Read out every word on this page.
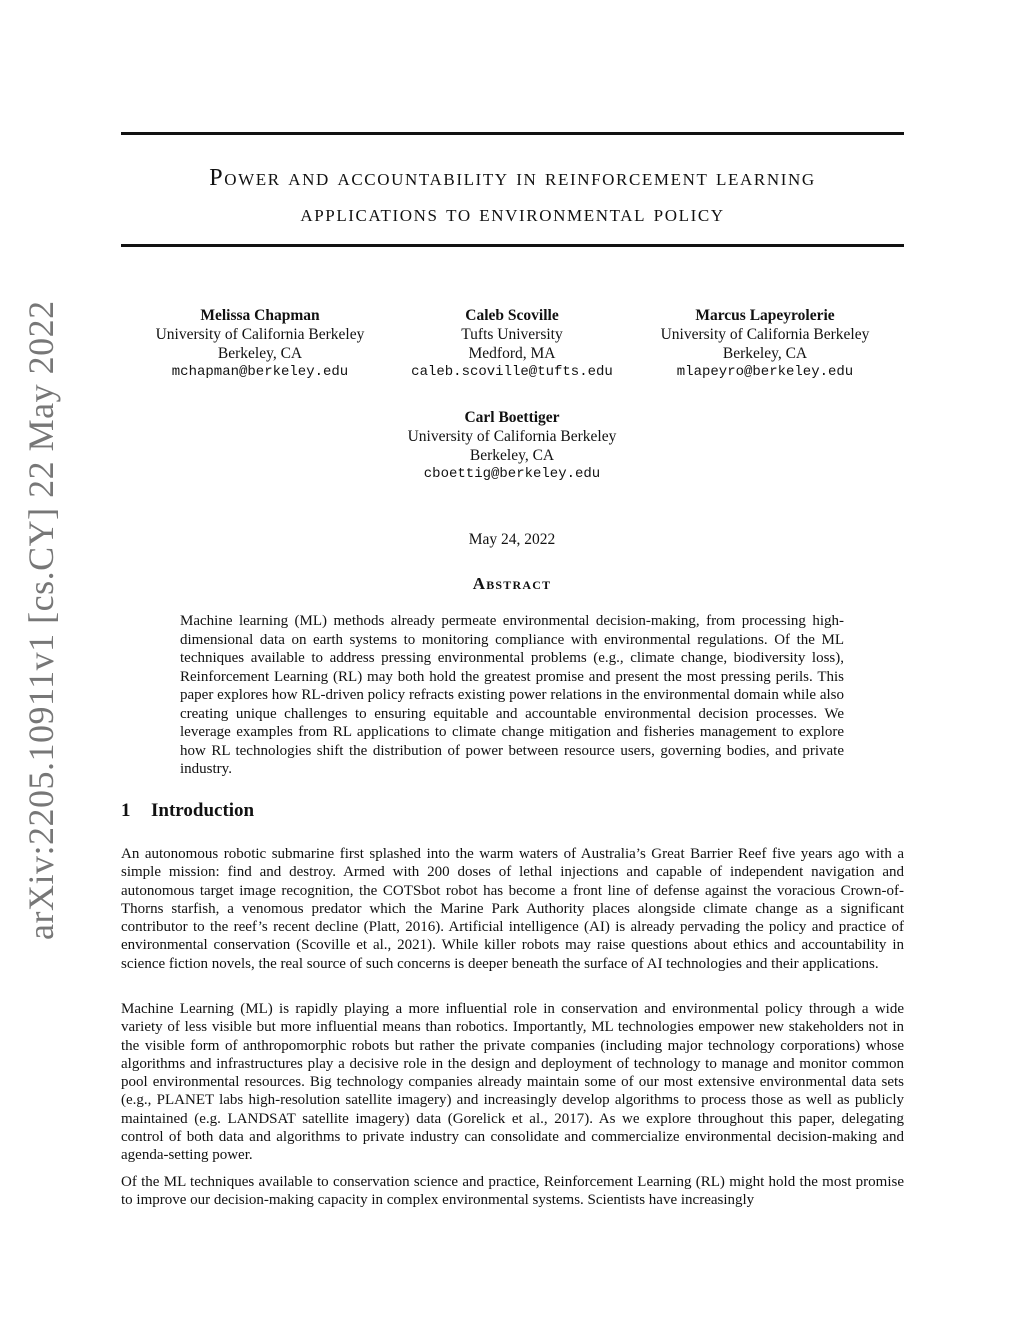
arXiv:2205.10911v1 [cs.CY] 22 May 2022
Power and accountability in reinforcement learning
applications to environmental policy
Melissa Chapman
University of California Berkeley
Berkeley, CA
mchapman@berkeley.edu
Caleb Scoville
Tufts University
Medford, MA
caleb.scoville@tufts.edu
Marcus Lapeyrolerie
University of California Berkeley
Berkeley, CA
mlapeyro@berkeley.edu
Carl Boettiger
University of California Berkeley
Berkeley, CA
cboettig@berkeley.edu
May 24, 2022
Abstract

Machine learning (ML) methods already permeate environmental decision-making, from processing high-dimensional data on earth systems to monitoring compliance with environmental regulations. Of the ML techniques available to address pressing environmental problems (e.g., climate change, biodiversity loss), Reinforcement Learning (RL) may both hold the greatest promise and present the most pressing perils. This paper explores how RL-driven policy refracts existing power relations in the environmental domain while also creating unique challenges to ensuring equitable and accountable environmental decision processes. We leverage examples from RL applications to climate change mitigation and fisheries management to explore how RL technologies shift the distribution of power between resource users, governing bodies, and private industry.

1 Introduction

An autonomous robotic submarine first splashed into the warm waters of Australia’s Great Barrier Reef five years ago with a simple mission: find and destroy. Armed with 200 doses of lethal injections and capable of independent navigation and autonomous target image recognition, the COTSbot robot has become a front line of defense against the voracious Crown-of-Thorns starfish, a venomous predator which the Marine Park Authority places alongside climate change as a significant contributor to the reef’s recent decline (Platt, 2016). Artificial intelligence (AI) is already pervading the policy and practice of environmental conservation (Scoville et al., 2021). While killer robots may raise questions about ethics and accountability in science fiction novels, the real source of such concerns is deeper beneath the surface of AI technologies and their applications.

Machine Learning (ML) is rapidly playing a more influential role in conservation and environmental policy through a wide variety of less visible but more influential means than robotics. Importantly, ML technologies empower new stakeholders not in the visible form of anthropomorphic robots but rather the private companies (including major technology corporations) whose algorithms and infrastructures play a decisive role in the design and deployment of technology to manage and monitor common pool environmental resources. Big technology companies already maintain some of our most extensive environmental data sets (e.g., PLANET labs high-resolution satellite imagery) and increasingly develop algorithms to process those as well as publicly maintained (e.g. LANDSAT satellite imagery) data (Gorelick et al., 2017). As we explore throughout this paper, delegating control of both data and algorithms to private industry can consolidate and commercialize environmental decision-making and agenda-setting power.

Of the ML techniques available to conservation science and practice, Reinforcement Learning (RL) might hold the most promise to improve our decision-making capacity in complex environmental systems. Scientists have increasingly
